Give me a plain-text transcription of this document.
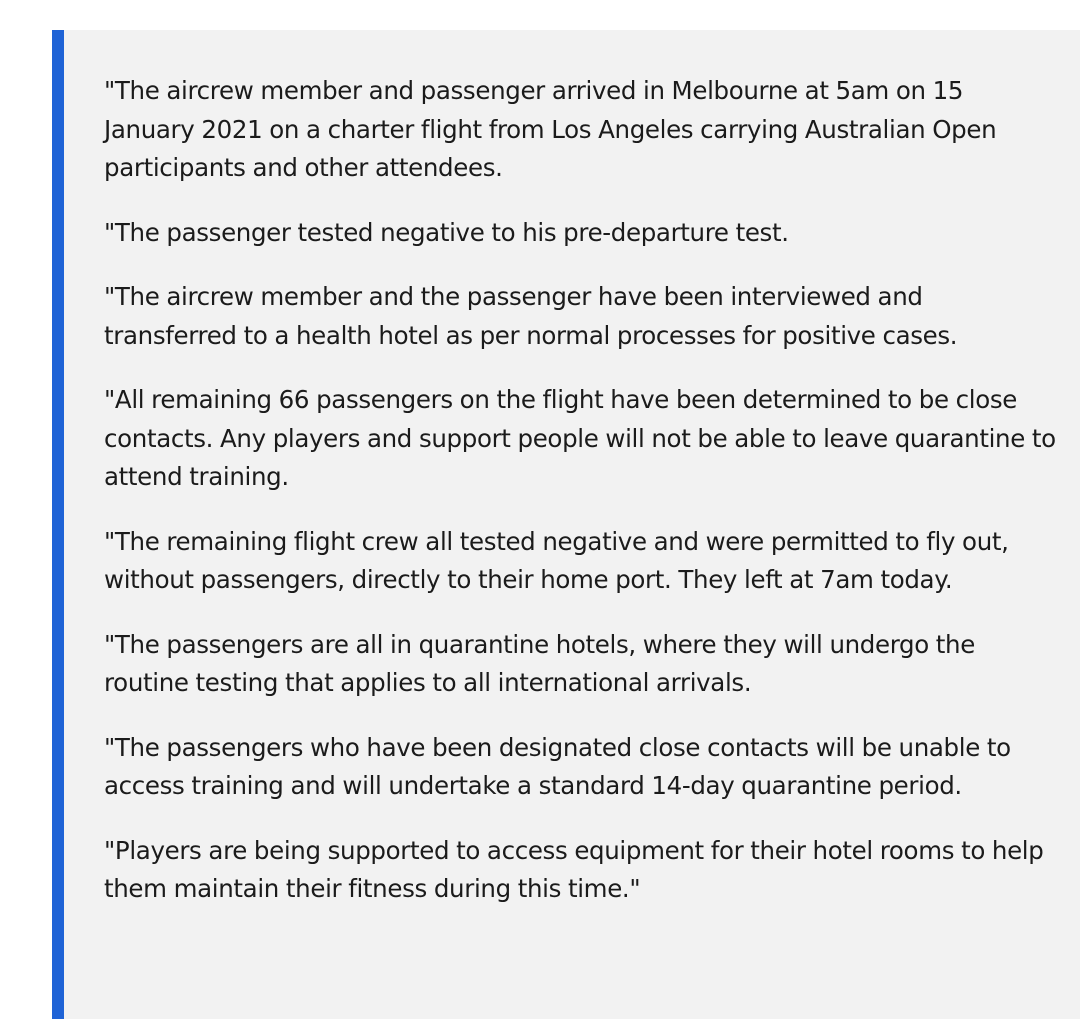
"The aircrew member and passenger arrived in Melbourne at 5am on 15 January 2021 on a charter flight from Los Angeles carrying Australian Open participants and other attendees.

"The passenger tested negative to his pre-departure test.

"The aircrew member and the passenger have been interviewed and transferred to a health hotel as per normal processes for positive cases.

"All remaining 66 passengers on the flight have been determined to be close contacts. Any players and support people will not be able to leave quarantine to attend training.

"The remaining flight crew all tested negative and were permitted to fly out, without passengers, directly to their home port. They left at 7am today.

"The passengers are all in quarantine hotels, where they will undergo the routine testing that applies to all international arrivals.

"The passengers who have been designated close contacts will be unable to access training and will undertake a standard 14-day quarantine period.

"Players are being supported to access equipment for their hotel rooms to help them maintain their fitness during this time."
